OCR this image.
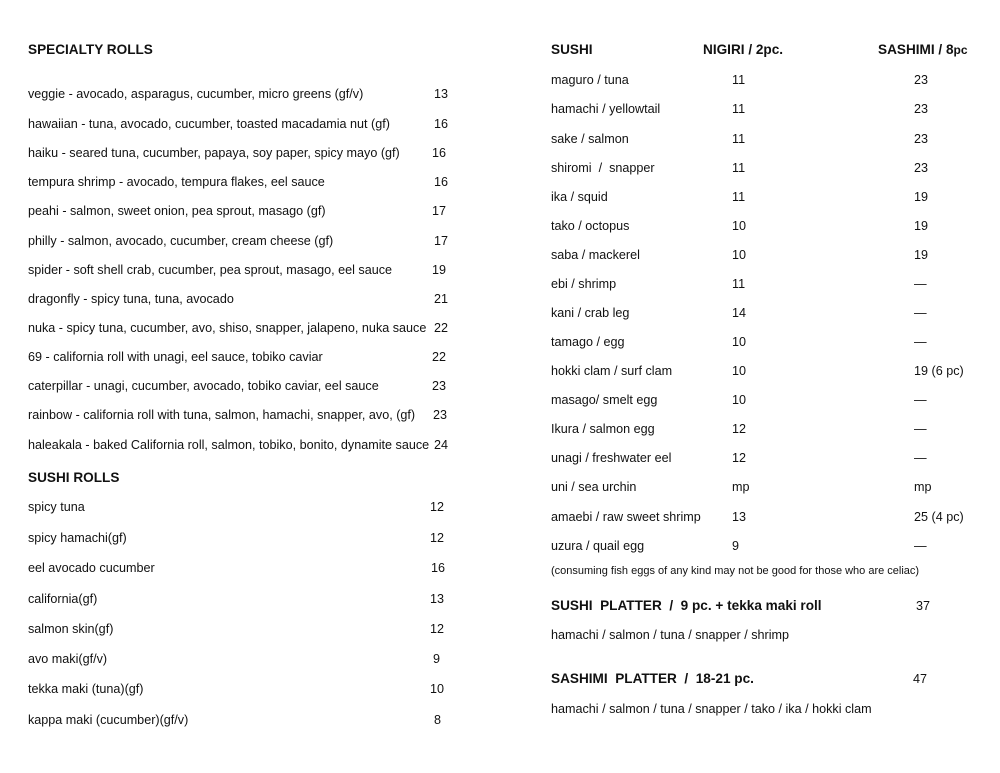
SPECIALTY ROLLS
veggie - avocado, asparagus, cucumber, micro greens (gf/v)	13
hawaiian - tuna, avocado, cucumber, toasted macadamia nut (gf)	16
haiku - seared tuna, cucumber, papaya, soy paper, spicy mayo (gf)	16
tempura shrimp - avocado, tempura flakes, eel sauce	16
peahi - salmon, sweet onion, pea sprout, masago (gf)	17
philly - salmon, avocado, cucumber, cream cheese (gf)	17
spider - soft shell crab, cucumber, pea sprout, masago, eel sauce	19
dragonfly - spicy tuna, tuna, avocado	21
nuka - spicy tuna, cucumber, avo, shiso, snapper, jalapeno, nuka sauce 22
69 - california roll with unagi, eel sauce, tobiko caviar	22
caterpillar - unagi, cucumber, avocado, tobiko caviar, eel sauce	23
rainbow - california roll with tuna, salmon, hamachi, snapper, avo, (gf) 23
haleakala - baked California roll, salmon, tobiko, bonito, dynamite sauce 24
SUSHI ROLLS
spicy tuna	12
spicy hamachi(gf)	12
eel avocado cucumber	16
california(gf)	13
salmon skin(gf)	12
avo maki(gf/v)	9
tekka maki (tuna)(gf)	10
kappa maki (cucumber)(gf/v)	8
SUSHI	NIGIRI / 2pc.	SASHIMI / 8pc
maguro / tuna	11	23
hamachi / yellowtail	11	23
sake / salmon	11	23
shiromi  /  snapper	11	23
ika / squid	11	19
tako / octopus	10	19
saba / mackerel	10	19
ebi / shrimp	11	—
kani / crab leg	14	—
tamago / egg	10	—
hokki clam / surf clam	10	19 (6 pc)
masago/ smelt egg	10	—
Ikura / salmon egg	12	—
unagi / freshwater eel	12	—
uni / sea urchin	mp	mp
amaebi / raw sweet shrimp 13	25 (4 pc)
uzura / quail egg	9	—
(consuming fish eggs of any kind may not be good for those who are celiac)
SUSHI  PLATTER  /  9 pc. + tekka maki roll	37
hamachi / salmon / tuna / snapper / shrimp
SASHIMI  PLATTER  /  18-21 pc.	47
hamachi / salmon / tuna / snapper / tako / ika / hokki clam
